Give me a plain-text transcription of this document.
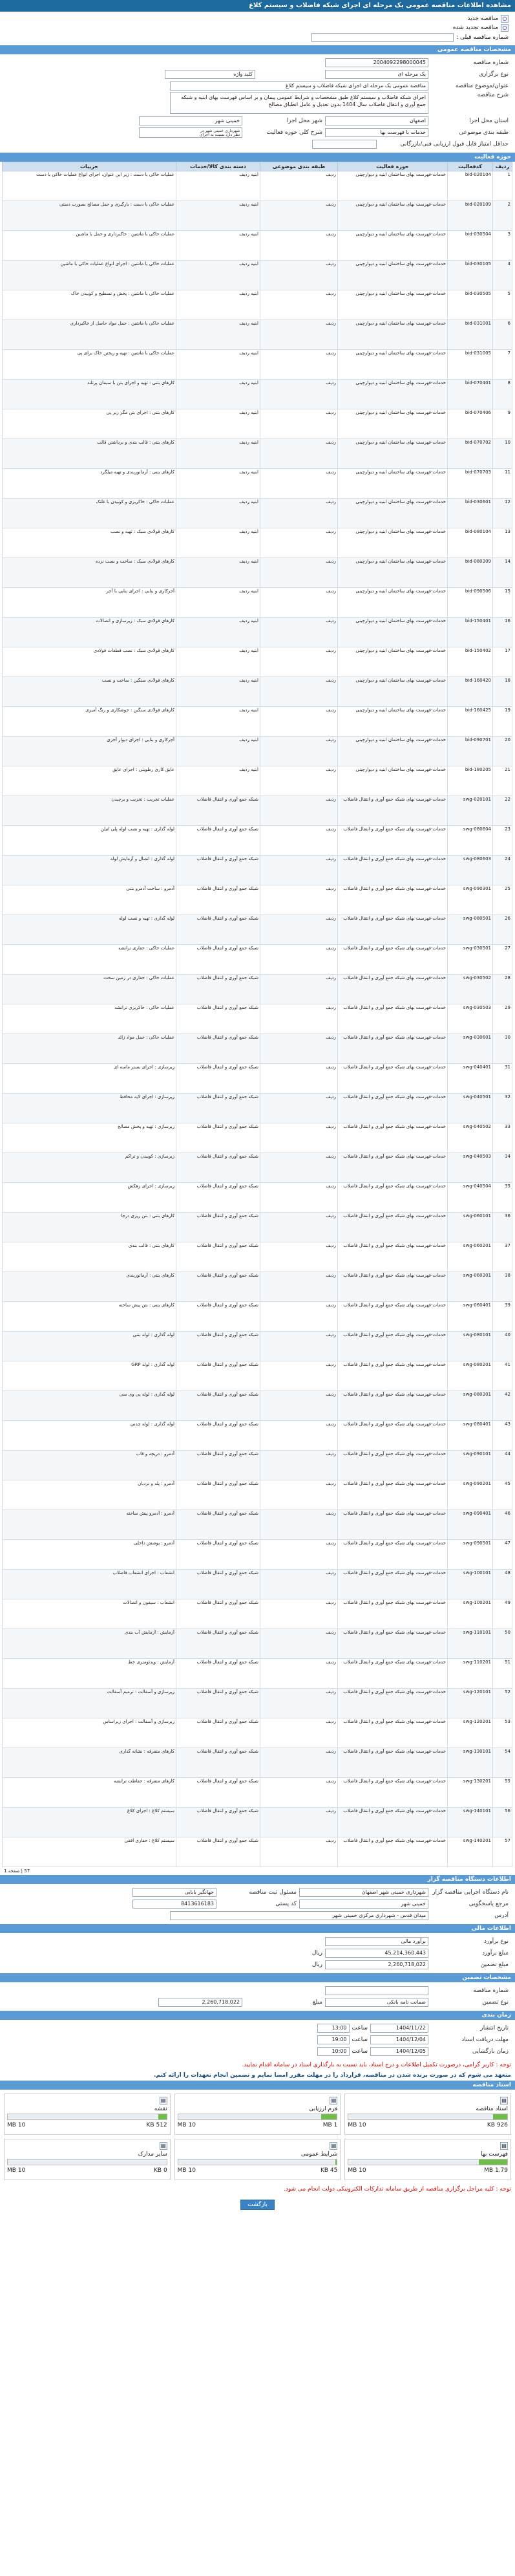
مشاهده اطلاعات مناقصه عمومی یک مرحله ای اجرای شبکه فاضلاب و سیستم کلاغ
○
مناقصه جدید
○
مناقصه تجدید شده
شماره مناقصه قبلی :
مشخصات مناقصه عمومی
شماره مناقصه
2004092298000045
نوع برگزاری
یک مرحله ای
کلید واژه
عنوان/موضوع مناقصه
مناقصه عمومی یک مرحله ای اجرای شبکه فاضلاب و سیستم کلاغ
شرح مناقصه
اجرای شبکه فاضلاب و سیستم کلاغ طبق مشخصات و شرایط عمومی پیمان و بر اساس فهرست بهای ابنیه و شبکه جمع آوری و انتقال فاضلاب سال 1404 بدون تعدیل و عامل انطباق مصالح
استان محل اجرا
اصفهان
شهر محل اجرا
خمینی شهر
طبقه بندی موضوعی
خدمات با فهرست بها
شرح کلی حوزه فعالیت
شهرداری خمینی شهر در
نظر دارد نسبت به اجرای
حداقل امتیاز قابل قبول ارزیابی فنی/بازرگانی
حوزه فعالیت
ردیف	کدفعالیت	حوزه فعالیت	طبقه بندی موضوعی	دسته بندی کالا/خدمات	جزییات
1	bid-020104	خدمات-فهرست بهای ساختمان ابنیه و دیوارچینی	ردیف	ابنیه ردیف	عملیات خاکی با دست : زیر این عنوان، اجرای انواع عملیات خاکی با دست
2	bid-020109	خدمات-فهرست بهای ساختمان ابنیه و دیوارچینی	ردیف	ابنیه ردیف	عملیات خاکی با دست : بارگیری و حمل مصالح بصورت دستی
3	bid-030504	خدمات-فهرست بهای ساختمان ابنیه و دیوارچینی	ردیف	ابنیه ردیف	عملیات خاکی با ماشین : خاکبرداری و حمل با ماشین
4	bid-030105	خدمات-فهرست بهای ساختمان ابنیه و دیوارچینی	ردیف	ابنیه ردیف	عملیات خاکی با ماشین : اجرای انواع عملیات خاکی با ماشین
5	bid-030505	خدمات-فهرست بهای ساختمان ابنیه و دیوارچینی	ردیف	ابنیه ردیف	عملیات خاکی با ماشین : پخش و تسطیح و کوبیدن خاک
6	bid-031001	خدمات-فهرست بهای ساختمان ابنیه و دیوارچینی	ردیف	ابنیه ردیف	عملیات خاکی با ماشین : حمل مواد حاصل از خاکبرداری
7	bid-031005	خدمات-فهرست بهای ساختمان ابنیه و دیوارچینی	ردیف	ابنیه ردیف	عملیات خاکی با ماشین : تهیه و ریختن خاک برای پی
8	bid-070401	خدمات-فهرست بهای ساختمان ابنیه و دیوارچینی	ردیف	ابنیه ردیف	کارهای بتنی : تهیه و اجرای بتن با سیمان پرتلند
9	bid-070406	خدمات-فهرست بهای ساختمان ابنیه و دیوارچینی	ردیف	ابنیه ردیف	کارهای بتنی : اجرای بتن مگر زیر پی
10	bid-070702	خدمات-فهرست بهای ساختمان ابنیه و دیوارچینی	ردیف	ابنیه ردیف	کارهای بتنی : قالب بندی و برداشتن قالب
11	bid-070703	خدمات-فهرست بهای ساختمان ابنیه و دیوارچینی	ردیف	ابنیه ردیف	کارهای بتنی : آرماتوربندی و تهیه میلگرد
12	bid-030601	خدمات-فهرست بهای ساختمان ابنیه و دیوارچینی	ردیف	ابنیه ردیف	عملیات خاکی : خاکریزی و کوبیدن با غلتک
13	bid-080104	خدمات-فهرست بهای ساختمان ابنیه و دیوارچینی	ردیف	ابنیه ردیف	کارهای فولادی سبک : تهیه و نصب
14	bid-080309	خدمات-فهرست بهای ساختمان ابنیه و دیوارچینی	ردیف	ابنیه ردیف	کارهای فولادی سبک : ساخت و نصب نرده
15	bid-090506	خدمات-فهرست بهای ساختمان ابنیه و دیوارچینی	ردیف	ابنیه ردیف	آجرکاری و بنایی : اجرای بنایی با آجر
16	bid-150401	خدمات-فهرست بهای ساختمان ابنیه و دیوارچینی	ردیف	ابنیه ردیف	کارهای فولادی سبک : زیرسازی و اتصالات
17	bid-150402	خدمات-فهرست بهای ساختمان ابنیه و دیوارچینی	ردیف	ابنیه ردیف	کارهای فولادی سبک : نصب قطعات فولادی
18	bid-160420	خدمات-فهرست بهای ساختمان ابنیه و دیوارچینی	ردیف	ابنیه ردیف	کارهای فولادی سنگین : ساخت و نصب
19	bid-160425	خدمات-فهرست بهای ساختمان ابنیه و دیوارچینی	ردیف	ابنیه ردیف	کارهای فولادی سنگین : جوشکاری و رنگ آمیزی
20	bid-090701	خدمات-فهرست بهای ساختمان ابنیه و دیوارچینی	ردیف	ابنیه ردیف	آجرکاری و بنایی : اجرای دیوار آجری
21	bid-180205	خدمات-فهرست بهای ساختمان ابنیه و دیوارچینی	ردیف	ابنیه ردیف	عایق کاری رطوبتی : اجرای عایق
22	swg-020101	خدمات-فهرست بهای شبکه جمع آوری و انتقال فاضلاب	ردیف	شبکه جمع آوری و انتقال فاضلاب	عملیات تخریب : تخریب و برچیدن
23	swg-080604	خدمات-فهرست بهای شبکه جمع آوری و انتقال فاضلاب	ردیف	شبکه جمع آوری و انتقال فاضلاب	لوله گذاری : تهیه و نصب لوله پلی اتیلن
24	swg-080603	خدمات-فهرست بهای شبکه جمع آوری و انتقال فاضلاب	ردیف	شبکه جمع آوری و انتقال فاضلاب	لوله گذاری : اتصال و آزمایش لوله
25	swg-090301	خدمات-فهرست بهای شبکه جمع آوری و انتقال فاضلاب	ردیف	شبکه جمع آوری و انتقال فاضلاب	آدمرو : ساخت آدمرو بتنی
26	swg-080501	خدمات-فهرست بهای شبکه جمع آوری و انتقال فاضلاب	ردیف	شبکه جمع آوری و انتقال فاضلاب	لوله گذاری : تهیه و نصب لوله
27	swg-030501	خدمات-فهرست بهای شبکه جمع آوری و انتقال فاضلاب	ردیف	شبکه جمع آوری و انتقال فاضلاب	عملیات خاکی : حفاری ترانشه
28	swg-030502	خدمات-فهرست بهای شبکه جمع آوری و انتقال فاضلاب	ردیف	شبکه جمع آوری و انتقال فاضلاب	عملیات خاکی : حفاری در زمین سخت
29	swg-030503	خدمات-فهرست بهای شبکه جمع آوری و انتقال فاضلاب	ردیف	شبکه جمع آوری و انتقال فاضلاب	عملیات خاکی : خاکریزی ترانشه
30	swg-030601	خدمات-فهرست بهای شبکه جمع آوری و انتقال فاضلاب	ردیف	شبکه جمع آوری و انتقال فاضلاب	عملیات خاکی : حمل مواد زائد
31	swg-040401	خدمات-فهرست بهای شبکه جمع آوری و انتقال فاضلاب	ردیف	شبکه جمع آوری و انتقال فاضلاب	زیرسازی : اجرای بستر ماسه ای
32	swg-040501	خدمات-فهرست بهای شبکه جمع آوری و انتقال فاضلاب	ردیف	شبکه جمع آوری و انتقال فاضلاب	زیرسازی : اجرای لایه محافظ
33	swg-040502	خدمات-فهرست بهای شبکه جمع آوری و انتقال فاضلاب	ردیف	شبکه جمع آوری و انتقال فاضلاب	زیرسازی : تهیه و پخش مصالح
34	swg-040503	خدمات-فهرست بهای شبکه جمع آوری و انتقال فاضلاب	ردیف	شبکه جمع آوری و انتقال فاضلاب	زیرسازی : کوبیدن و تراکم
35	swg-040504	خدمات-فهرست بهای شبکه جمع آوری و انتقال فاضلاب	ردیف	شبکه جمع آوری و انتقال فاضلاب	زیرسازی : اجرای زهکش
36	swg-060101	خدمات-فهرست بهای شبکه جمع آوری و انتقال فاضلاب	ردیف	شبکه جمع آوری و انتقال فاضلاب	کارهای بتنی : بتن ریزی درجا
37	swg-060201	خدمات-فهرست بهای شبکه جمع آوری و انتقال فاضلاب	ردیف	شبکه جمع آوری و انتقال فاضلاب	کارهای بتنی : قالب بندی
38	swg-060301	خدمات-فهرست بهای شبکه جمع آوری و انتقال فاضلاب	ردیف	شبکه جمع آوری و انتقال فاضلاب	کارهای بتنی : آرماتوربندی
39	swg-060401	خدمات-فهرست بهای شبکه جمع آوری و انتقال فاضلاب	ردیف	شبکه جمع آوری و انتقال فاضلاب	کارهای بتنی : بتن پیش ساخته
40	swg-080101	خدمات-فهرست بهای شبکه جمع آوری و انتقال فاضلاب	ردیف	شبکه جمع آوری و انتقال فاضلاب	لوله گذاری : لوله بتنی
41	swg-080201	خدمات-فهرست بهای شبکه جمع آوری و انتقال فاضلاب	ردیف	شبکه جمع آوری و انتقال فاضلاب	لوله گذاری : لوله GRP
42	swg-080301	خدمات-فهرست بهای شبکه جمع آوری و انتقال فاضلاب	ردیف	شبکه جمع آوری و انتقال فاضلاب	لوله گذاری : لوله پی وی سی
43	swg-080401	خدمات-فهرست بهای شبکه جمع آوری و انتقال فاضلاب	ردیف	شبکه جمع آوری و انتقال فاضلاب	لوله گذاری : لوله چدنی
44	swg-090101	خدمات-فهرست بهای شبکه جمع آوری و انتقال فاضلاب	ردیف	شبکه جمع آوری و انتقال فاضلاب	آدمرو : دریچه و قاب
45	swg-090201	خدمات-فهرست بهای شبکه جمع آوری و انتقال فاضلاب	ردیف	شبکه جمع آوری و انتقال فاضلاب	آدمرو : پله و نردبان
46	swg-090401	خدمات-فهرست بهای شبکه جمع آوری و انتقال فاضلاب	ردیف	شبکه جمع آوری و انتقال فاضلاب	آدمرو : آدمرو پیش ساخته
47	swg-090501	خدمات-فهرست بهای شبکه جمع آوری و انتقال فاضلاب	ردیف	شبکه جمع آوری و انتقال فاضلاب	آدمرو : پوشش داخلی
48	swg-100101	خدمات-فهرست بهای شبکه جمع آوری و انتقال فاضلاب	ردیف	شبکه جمع آوری و انتقال فاضلاب	انشعاب : اجرای انشعاب فاضلاب
49	swg-100201	خدمات-فهرست بهای شبکه جمع آوری و انتقال فاضلاب	ردیف	شبکه جمع آوری و انتقال فاضلاب	انشعاب : سیفون و اتصالات
50	swg-110101	خدمات-فهرست بهای شبکه جمع آوری و انتقال فاضلاب	ردیف	شبکه جمع آوری و انتقال فاضلاب	آزمایش : آزمایش آب بندی
51	swg-110201	خدمات-فهرست بهای شبکه جمع آوری و انتقال فاضلاب	ردیف	شبکه جمع آوری و انتقال فاضلاب	آزمایش : ویدئومتری خط
52	swg-120101	خدمات-فهرست بهای شبکه جمع آوری و انتقال فاضلاب	ردیف	شبکه جمع آوری و انتقال فاضلاب	زیرسازی و آسفالت : ترمیم آسفالت
53	swg-120201	خدمات-فهرست بهای شبکه جمع آوری و انتقال فاضلاب	ردیف	شبکه جمع آوری و انتقال فاضلاب	زیرسازی و آسفالت : اجرای زیراساس
54	swg-130101	خدمات-فهرست بهای شبکه جمع آوری و انتقال فاضلاب	ردیف	شبکه جمع آوری و انتقال فاضلاب	کارهای متفرقه : نشانه گذاری
55	swg-130201	خدمات-فهرست بهای شبکه جمع آوری و انتقال فاضلاب	ردیف	شبکه جمع آوری و انتقال فاضلاب	کارهای متفرقه : حفاظت ترانشه
56	swg-140101	خدمات-فهرست بهای شبکه جمع آوری و انتقال فاضلاب	ردیف	شبکه جمع آوری و انتقال فاضلاب	سیستم کلاغ : اجرای کلاغ
57	swg-140201	خدمات-فهرست بهای شبکه جمع آوری و انتقال فاضلاب	ردیف	شبکه جمع آوری و انتقال فاضلاب	سیستم کلاغ : حفاری افقی
57 | صفحه 1
اطلاعات دستگاه مناقصه گزار
نام دستگاه اجرایی مناقصه گزار
شهرداری خمینی شهر اصفهان
مسئول ثبت مناقصه
جهانگیر بابایی
مرجع پاسخگویی
خمینی شهر
کد پستی
8413616183
آدرس
میدان قدس - شهرداری مرکزی خمینی شهر
اطلاعات مالی
نوع برآورد
برآورد مالی
مبلغ برآورد
45,214,360,443
ریال
مبلغ تضمین
2,260,718,022
ریال
مشخصات تضمین
شماره مناقصه
نوع تضمین
ضمانت نامه بانکی
مبلغ
2,260,718,022
زمان بندی
تاریخ انتشار
1404/11/22
ساعت
13:00
مهلت دریافت اسناد
1404/12/04
ساعت
19:00
زمان بازگشایی
1404/12/05
ساعت
10:00
توجه : کاربر گرامی، درصورت تکمیل اطلاعات و درج اسناد، باید نسبت به بارگذاری اسناد در سامانه اقدام نمایید.
متعهد می شوم که در صورت برنده شدن در مناقصه، قرارداد را در مهلت مقرر امضا نمایم و تضمین انجام تعهدات را ارائه کنم.
اسناد مناقصه
▤
اسناد مناقصه
926 KB
10 MB
▤
فرم ارزیابی
1 MB
10 MB
▤
نقشه
512 KB
10 MB
▤
فهرست بها
1.79 MB
10 MB
▤
شرایط عمومی
45 KB
10 MB
▤
سایر مدارک
0 KB
10 MB
توجه : کلیه مراحل برگزاری مناقصه از طریق سامانه تدارکات الکترونیکی دولت انجام می شود.
بازگشت
